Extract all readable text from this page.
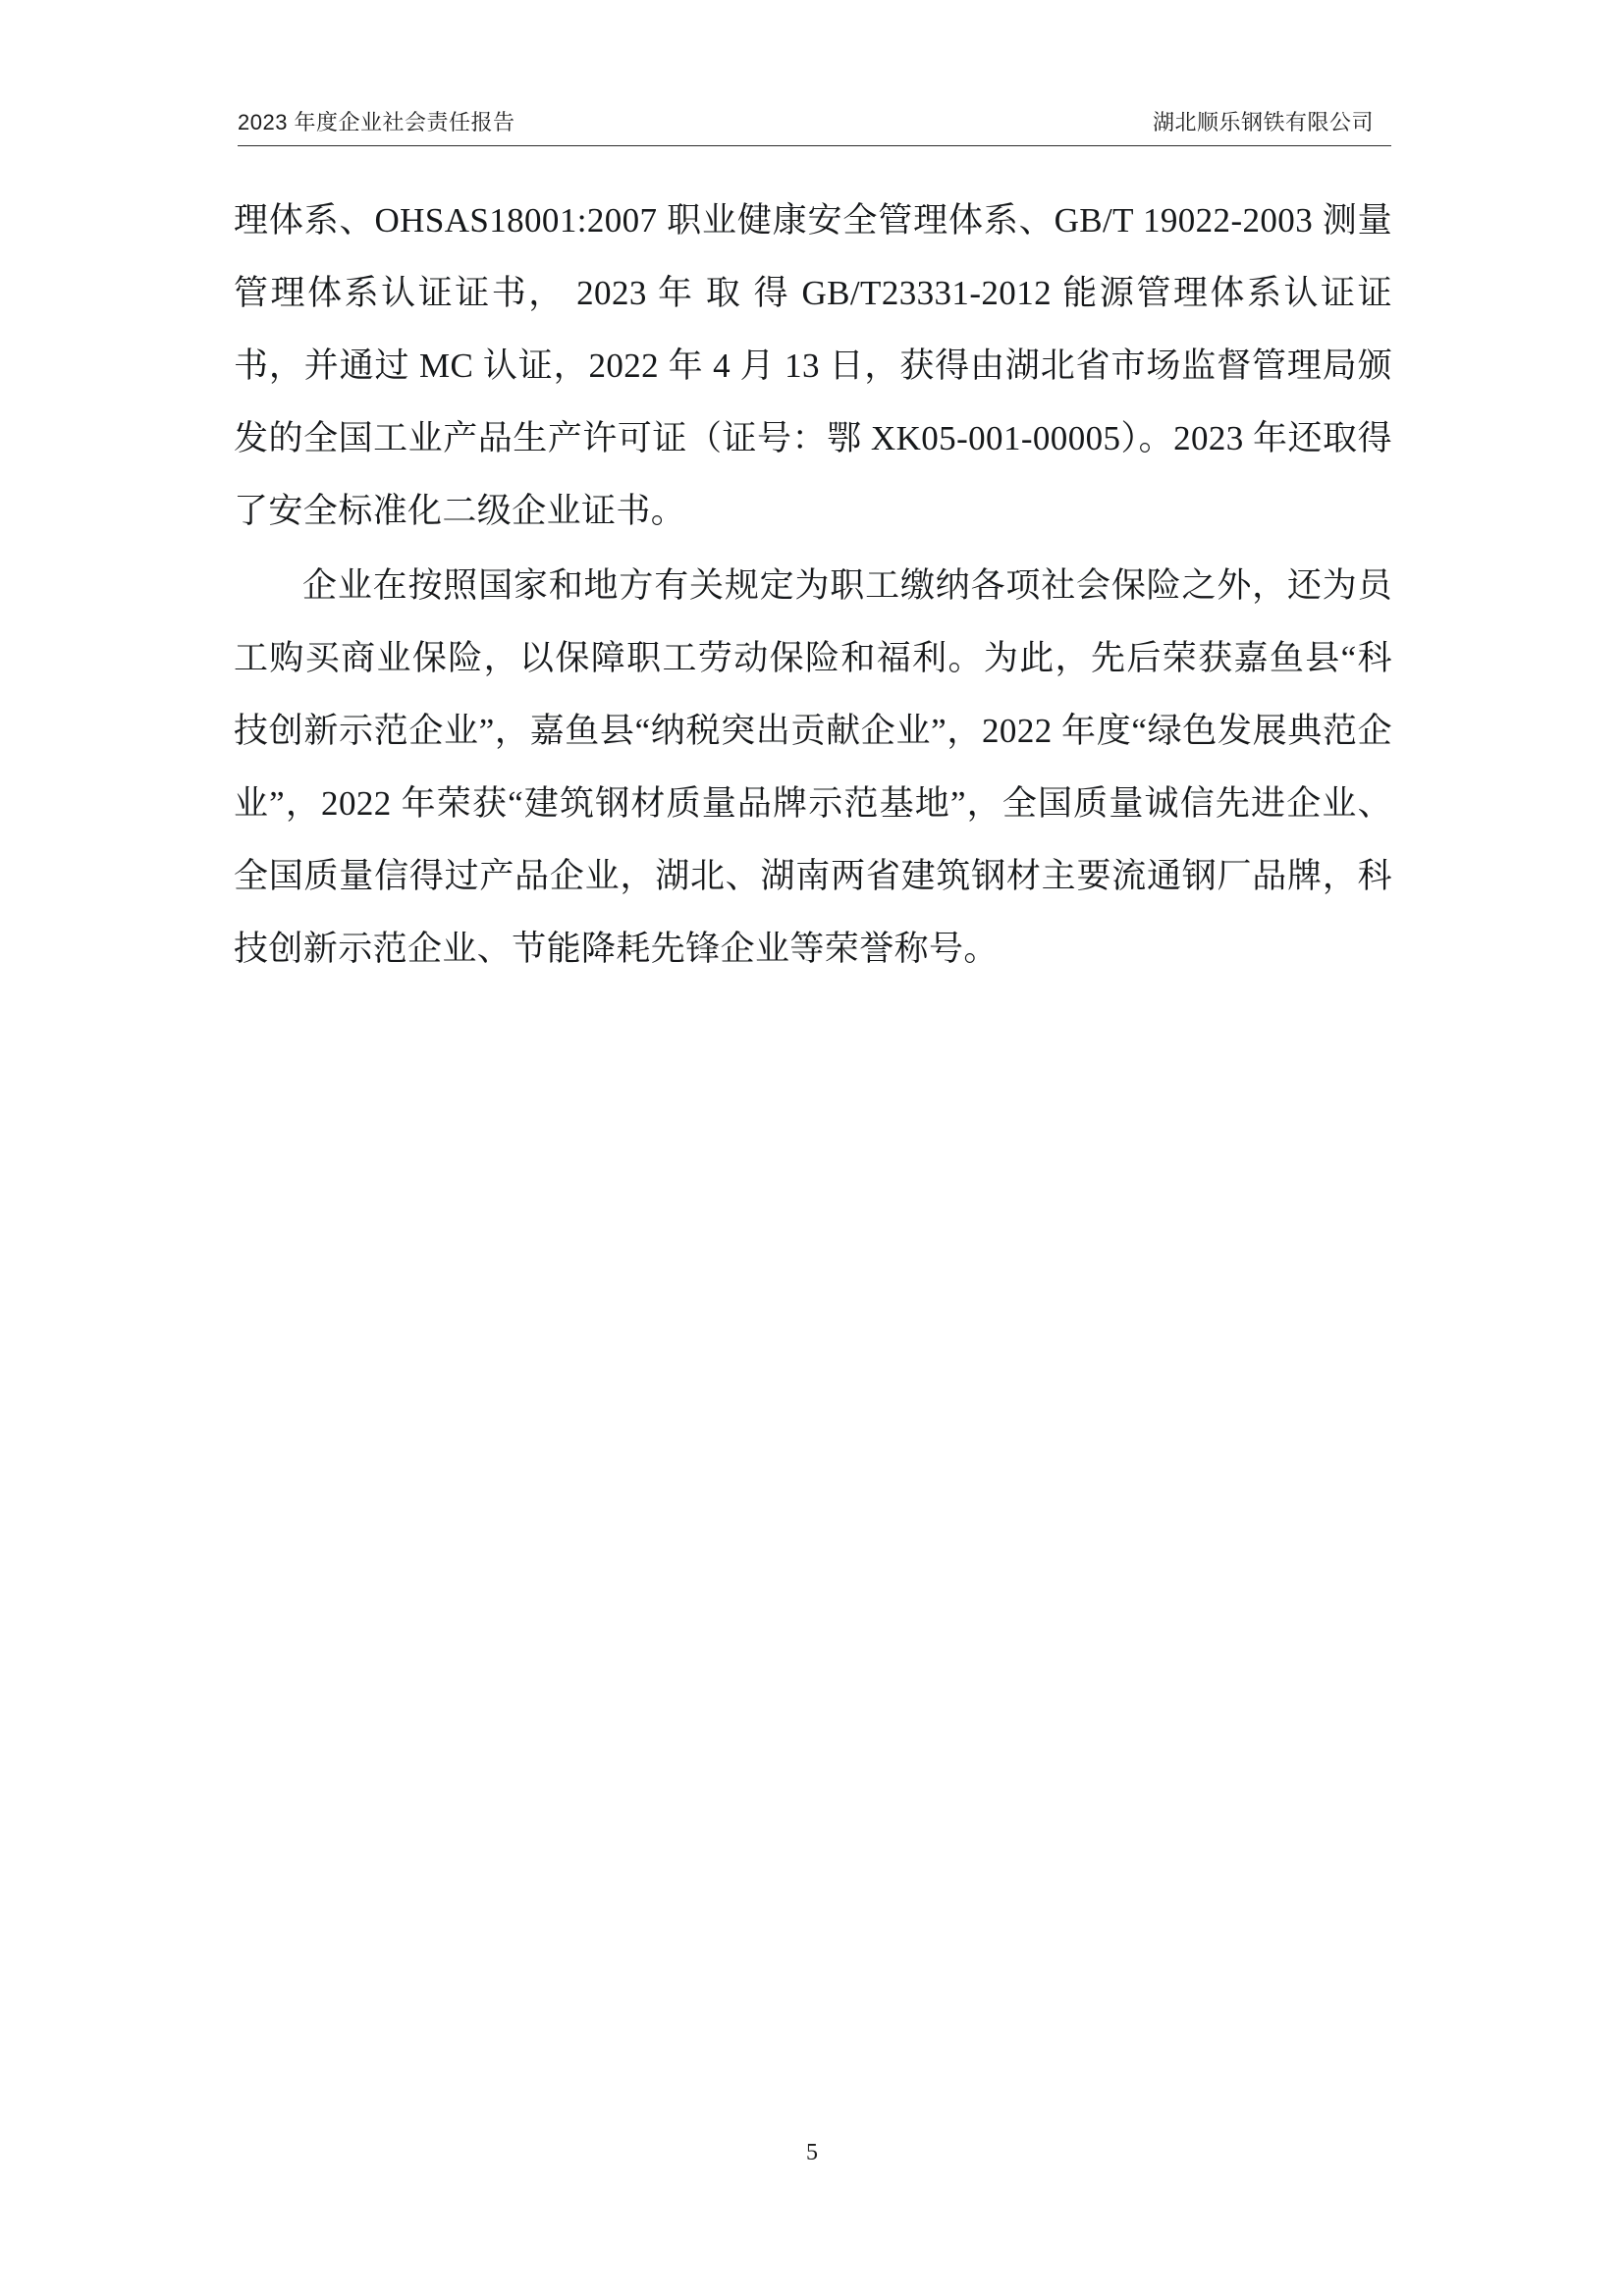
2023 年度企业社会责任报告	湖北顺乐钢铁有限公司

理体系、OHSAS18001:2007 职业健康安全管理体系、GB/T 19022-2003 测量管理体系认证证书， 2023 年 取 得 GB/T23331-2012 能源管理体系认证证书，并通过 MC 认证，2022 年 4 月 13 日，获得由湖北省市场监督管理局颁发的全国工业产品生产许可证（证号：鄂 XK05-001-00005）。2023 年还取得了安全标准化二级企业证书。

企业在按照国家和地方有关规定为职工缴纳各项社会保险之外，还为员工购买商业保险，以保障职工劳动保险和福利。为此，先后荣获嘉鱼县“科技创新示范企业”，嘉鱼县“纳税突出贡献企业”，2022 年度“绿色发展典范企业”，2022 年荣获“建筑钢材质量品牌示范基地”，全国质量诚信先进企业、全国质量信得过产品企业，湖北、湖南两省建筑钢材主要流通钢厂品牌，科技创新示范企业、节能降耗先锋企业等荣誉称号。

5
